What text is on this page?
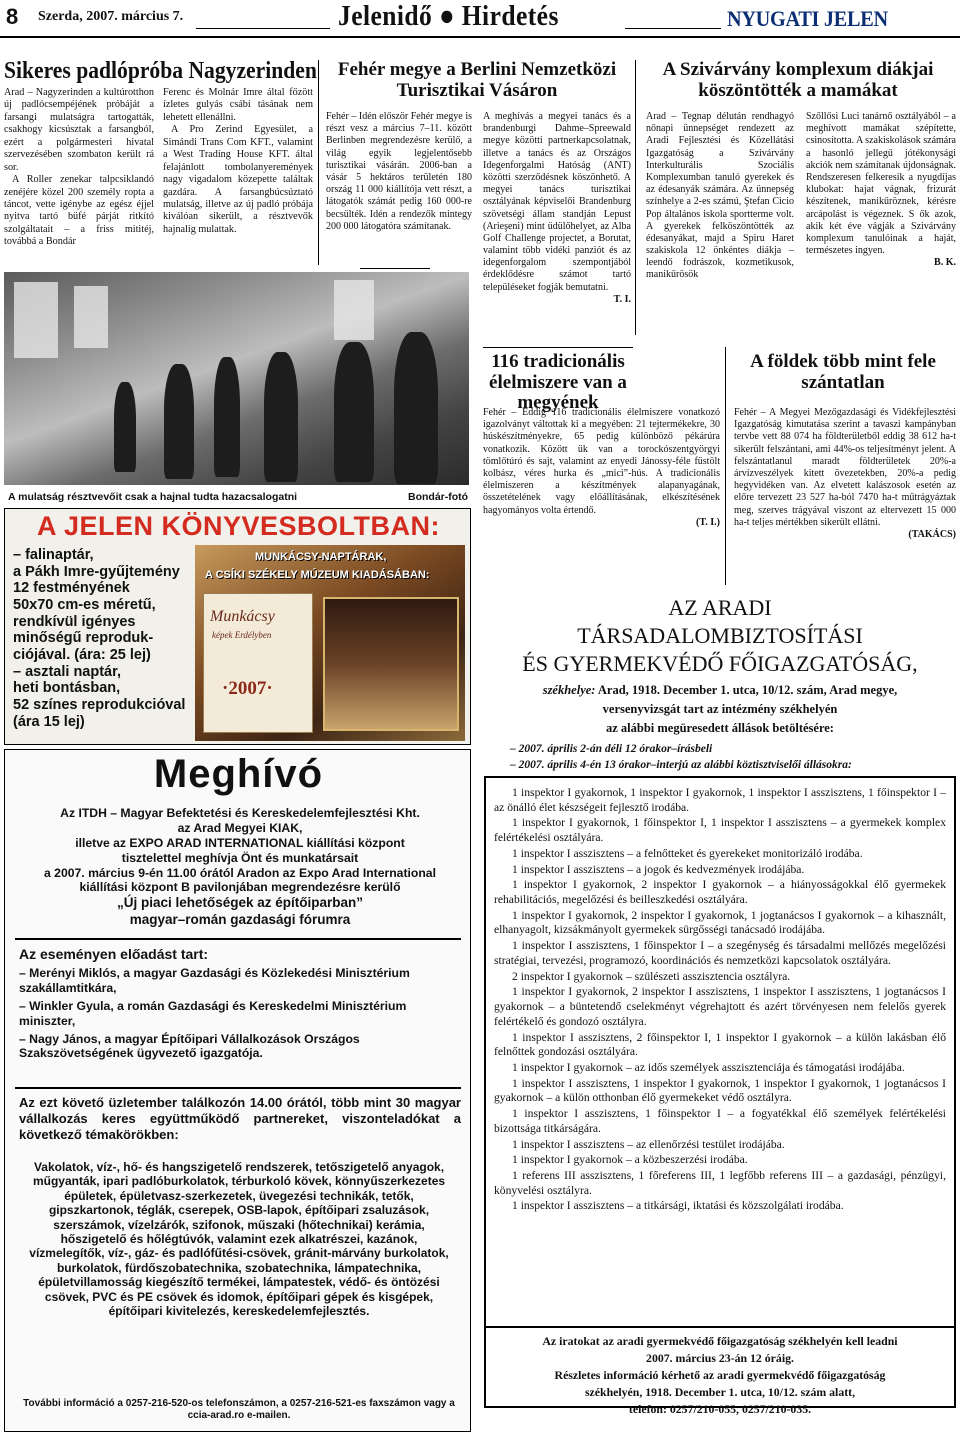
8 Szerda, 2007. március 7.	Jelenidő ● Hirdetés	NYUGATI JELEN
Sikeres padlópróba Nagyzerinden

Arad – Nagyzerinden a kultúrotthon új padlócsempéjének próbáját a farsangi mulatságra tartogatták, csakhogy kicsúsztak a farsangból, ezért a polgármesteri hivatal szervezésében szombaton került rá sor.

A Roller zenekar talpcsiklandó zenéjére közel 200 személy ropta a táncot, vette igénybe az egész éjjel nyitva tartó büfé párját ritkító szolgáltatait – a friss mititéj, továbbá a Bondár

Ferenc és Molnár Imre által főzött ízletes gulyás csábí tásának nem lehetett ellenállni.

A Pro Zerind Egyesület, a Simándi Trans Com KFT., valamint a West Trading House KFT. által felajánlott tombolanyeremények nagy vigadalom közepette találtak gazdára. A farsangbúcsúztató mulatság, illetve az új padló próbája kiválóan sikerült, a résztvevők hajnalig mulattak.

A mulatság résztvevőit csak a hajnal tudta hazacsalogatni	Bondár-fotó
Fehér megye a Berlini Nemzetközi Turisztikai Vásáron

Fehér – Idén először Fehér megye is részt vesz a március 7–11. között Berlinben megrendezésre kerülő, a világ egyik legjelentősebb turisztikai vásárán. 2006-ban a vásár 5 hektáros területén 180 ország 11 000 kiállítója vett részt, a látogatók számát pedig 160 000-re becsülték. Idén a rendezők mintegy 200 000 látogatóra számítanak.

A meghívás a megyei tanács és a brandenburgi Dahme–Spreewald megye közötti partnerkapcsolatnak, illetve a tanács és az Országos Idegenforgalmi Hatóság (ANT) közötti szerződésnek köszönhető. A megyei tanács turisztikai osztályának képviselői Brandenburg szövetségi állam standján Lepust (Arieşeni) mint üdülőhelyet, az Alba Golf Challenge projectet, a Borutat, valamint több vidéki panziót és az idegenforgalom szempontjából érdeklődésre számot tartó településeket fogják bemutatni.

T. I.

A Szivárvány komplexum diákjai köszöntötték a mamákat

Arad – Tegnap délután rendhagyó nőnapi ünnepséget rendezett az Aradi Fejlesztési és Közellátási Igazgatóság a Szivárvány Interkulturális Szociális Komplexumban tanuló gyerekek és az édesanyák számára. Az ünnepség színhelye a 2-es számú, Ştefan Cicio Pop általános iskola sportterme volt. A gyerekek felköszöntötték az édesanyákat, majd a Spiru Haret szakiskola 12 önkéntes diákja – leendő fodrászok, kozmetikusok, manikűrösök

Szőllősi Luci tanárnő osztályából – a meghívott mamákat szépítette, csinosította. A szakiskolások számára a hasonló jellegű jótékonysági akciók nem számítanak újdonságnak. Rendszeresen felkeresik a nyugdíjas klubokat: hajat vágnak, frizurát készítenek, manikűröznek, kérésre arcápolást is végeznek. S ők azok, akik két éve vágják a Szivárvány komplexum tanulóinak a haját, természetes ingyen.

B. K.

116 tradicionális élelmiszere van a megyének

Fehér – Eddig 116 tradicionális élelmiszere vonatkozó igazolványt váltottak ki a megyében: 21 tejtermékekre, 30 húskészítményekre, 65 pedig különböző pékárúra vonatkozik. Között ük van a torockószentgyörgyi tömlőtúró és sajt, valamint az enyedi Jánossy-féle füstölt kolbász, véres hurka és „mici”-hús. A tradicionális élelmiszeren a készítmények alapanyagának, összetételének vagy előállításának, elkészítésének hagyományos volta értendő.

(T. I.)

A földek több mint fele szántatlan

Fehér – A Megyei Mezőgazdasági és Vidékfejlesztési Igazgatóság kimutatása szerint a tavaszi kampányban tervbe vett 88 074 ha földterületből eddig 38 612 ha-t sikerült felszántani, ami 44%-os teljesítményt jelent. A felszántatlanul maradt földterületek 20%-a árvízveszélyek kitett övezetekben, 20%-a pedig hegyvidéken van. Az elvetett kalászosok esetén az előre tervezett 23 527 ha-ból 7470 ha-t műtrágyáztak meg, szerves trágyával viszont az eltervezett 15 000 ha-t teljes mértékben sikerült ellátni.

(TAKÁCS)

A JELEN KÖNYVESBOLTBAN:
– falinaptár,
a Pákh Imre-gyűjtemény
12 festményének
50x70 cm-es méretű,
rendkívül igényes
minőségű reproduk-
ciójával. (ára: 25 lej)
– asztali naptár,
heti bontásban,
52 színes reprodukcióval
(ára 15 lej)
MUNKÁCSY-NAPTÁRAK,
A CSÍKI SZÉKELY MÚZEUM KIADÁSÁBAN:
Munkácsy
képek Erdélyben
·2007·
Meghívó
Az ITDH – Magyar Befektetési és Kereskedelemfejlesztési Kht.
az Arad Megyei KIAK,
illetve az EXPO ARAD INTERNATIONAL kiállítási központ
tisztelettel meghívja Önt és munkatársait
a 2007. március 9-én 11.00 órától Aradon az Expo Arad International
kiállítási központ B pavilonjában megrendezésre kerülő
„Új piaci lehetőségek az építőiparban”
magyar–román gazdasági fórumra
Az eseményen előadást tart:
– Merényi Miklós, a magyar Gazdasági és Közlekedési Minisztérium szakállamtitkára,
– Winkler Gyula, a román Gazdasági és Kereskedelmi Minisztérium miniszter,
– Nagy János, a magyar Építőipari Vállalkozások Országos Szakszövetségének ügyvezető igazgatója.
Az ezt követő üzletember találkozón 14.00 órától, több mint 30 magyar vállalkozás keres együttműködő partnereket, viszonteladókat a következő témakörökben:
Vakolatok, víz-, hő- és hangszigetelő rendszerek, tetőszigetelő anyagok, műgyanták, ipari padlóburkolatok, térburkoló kövek, könnyűszerkezetes épületek, épületvasz-szerkezetek, üvegezési technikák, tetők, gipszkartonok, téglák, cserepek, OSB-lapok, építőipari zsaluzások, szerszámok, vízelzárók, szifonok, műszaki (hőtechnikai) kerámia, hőszigetelő és hőlégtúvók, valamint ezek alkatrészei, kazánok, vízmelegítők, víz-, gáz- és padlófűtési-csövek, gránit-márvány burkolatok, burkolatok, fürdőszobatechnika, szobatechnika, lámpatechnika, épületvillamosság kiegészítő termékei, lámpatestek, védő- és öntözési csövek, PVC és PE csövek és idomok, építőipari gépek és kisgépek, építőipari kivitelezés, kereskedelemfejlesztés.
További információ a 0257-216-520-os telefonszámon, a 0257-216-521-es faxszámon vagy a ccia-arad.ro e-mailen.
AZ ARADI
TÁRSADALOMBIZTOSÍTÁSI
ÉS GYERMEKVÉDŐ FŐIGAZGATÓSÁG,
székhelye: Arad, 1918. December 1. utca, 10/12. szám, Arad megye,
versenyvizsgát tart az intézmény székhelyén
az alábbi megüresedett állások betöltésére:
– 2007. április 2-án déli 12 órakor–írásbeli
– 2007. április 4-én 13 órakor–interjú az alábbi köztisztviselői állásokra:

1 inspektor I gyakornok, 1 inspektor I gyakornok, 1 inspektor I asszisztens, 1 főinspektor I – az önálló élet készségeit fejlesztő irodába.

1 inspektor I gyakornok, 1 főinspektor I, 1 inspektor I asszisztens – a gyermekek komplex felértékelési osztályára.

1 inspektor I asszisztens – a felnőtteket és gyerekeket monitorizáló irodába.

1 inspektor I asszisztens – a jogok és kedvezmények irodájába.

1 inspektor I gyakornok, 2 inspektor I gyakornok – a hiányosságokkal élő gyermekek rehabilitációs, megelőzési és beilleszkedési osztályára.

1 inspektor I gyakornok, 2 inspektor I gyakornok, 1 jogtanácsos I gyakornok – a kihasznált, elhanyagolt, kizsákmányolt gyermekek sürgősségi tanácsadó irodájába.

1 inspektor I asszisztens, 1 főinspektor I – a szegénység és társadalmi mellőzés megelőzési stratégiai, tervezési, programozó, koordinációs és nemzetközi kapcsolatok osztályára.

2 inspektor I gyakornok – szülészeti asszisztencia osztályra.

1 inspektor I gyakornok, 2 inspektor I asszisztens, 1 inspektor I asszisztens, 1 jogtanácsos I gyakornok – a büntetendő cselekményt végrehajtott és azért törvényesen nem felelős gyerek felértékelő és gondozó osztályra.

1 inspektor I asszisztens, 2 főinspektor I, 1 inspektor I gyakornok – a külön lakásban élő felnőttek gondozási osztályára.

1 inspektor I gyakornok – az idős személyek asszisztenciája és támogatási irodájába.

1 inspektor I asszisztens, 1 inspektor I gyakornok, 1 inspektor I gyakornok, 1 jogtanácsos I gyakornok – a külön otthonban élő gyermekeket védő osztályra.

1 inspektor I asszisztens, 1 főinspektor I – a fogyatékkal élő személyek felértékelési bizottsága titkárságára.

1 inspektor I asszisztens – az ellenőrzési testület irodájába.

1 inspektor I gyakornok – a közbeszerzési irodába.

1 referens III asszisztens, 1 főreferens III, 1 legfőbb referens III – a gazdasági, pénzügyi, könyvelési osztályra.

1 inspektor I asszisztens – a titkársági, iktatási és közszolgálati irodába.

Az iratokat az aradi gyermekvédő főigazgatóság székhelyén kell leadni
2007. március 23-án 12 óráig.
Részletes információ kérhető az aradi gyermekvédő főigazgatóság
székhelyén, 1918. December 1. utca, 10/12. szám alatt,
telefon: 0257/210-055, 0257/210-035.
